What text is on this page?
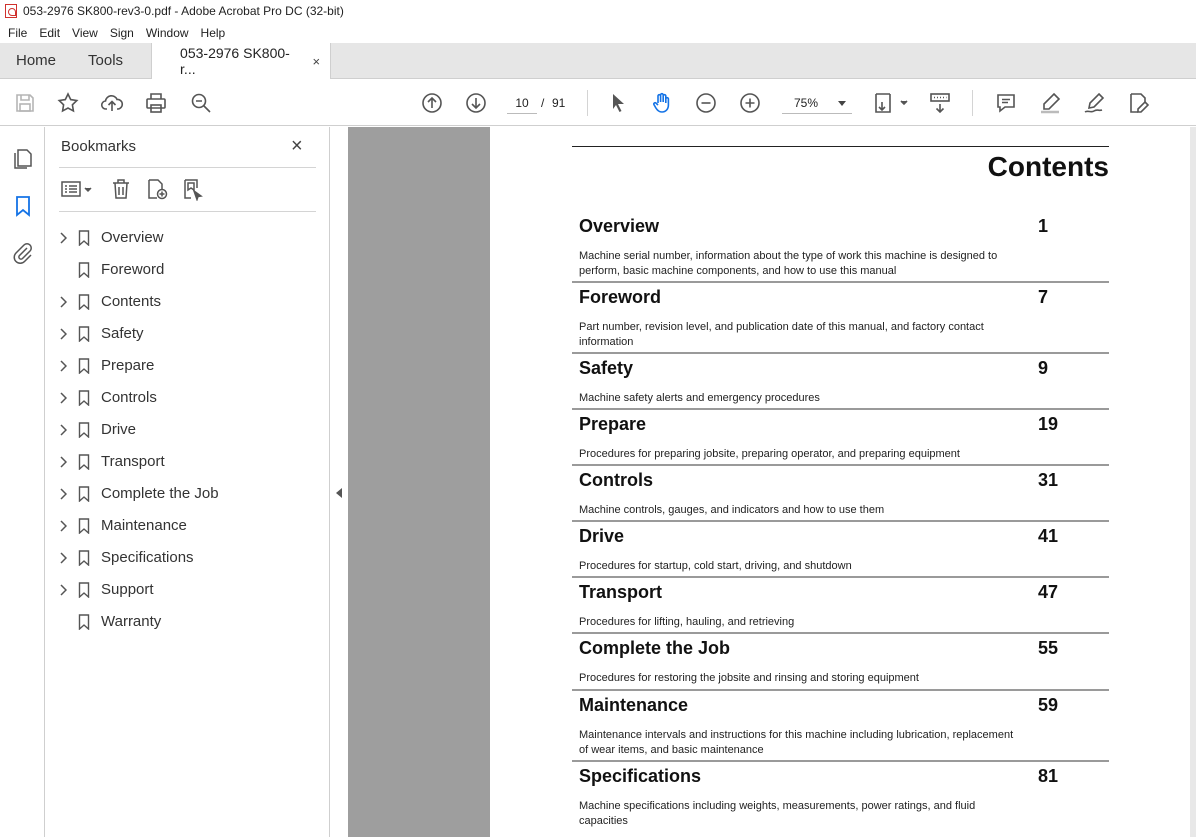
053-2976 SK800-rev3-0.pdf - Adobe Acrobat Pro DC (32-bit)
File	Edit	View	Sign	Window	Help
Home	Tools	053-2976 SK800-r...	×
10	/ 91	75%
Bookmarks	×
Overview
Foreword
Contents
Safety
Prepare
Controls
Drive
Transport
Complete the Job
Maintenance
Specifications
Support
Warranty
Contents
Overview	1
Machine serial number, information about the type of work this machine is designed to perform, basic machine components, and how to use this manual
Foreword	7
Part number, revision level, and publication date of this manual, and factory contact information
Safety	9
Machine safety alerts and emergency procedures
Prepare	19
Procedures for preparing jobsite, preparing operator, and preparing equipment
Controls	31
Machine controls, gauges, and indicators and how to use them
Drive	41
Procedures for startup, cold start, driving, and shutdown
Transport	47
Procedures for lifting, hauling, and retrieving
Complete the Job	55
Procedures for restoring the jobsite and rinsing and storing equipment
Maintenance	59
Maintenance intervals and instructions for this machine including lubrication, replacement of wear items, and basic maintenance
Specifications	81
Machine specifications including weights, measurements, power ratings, and fluid capacities
